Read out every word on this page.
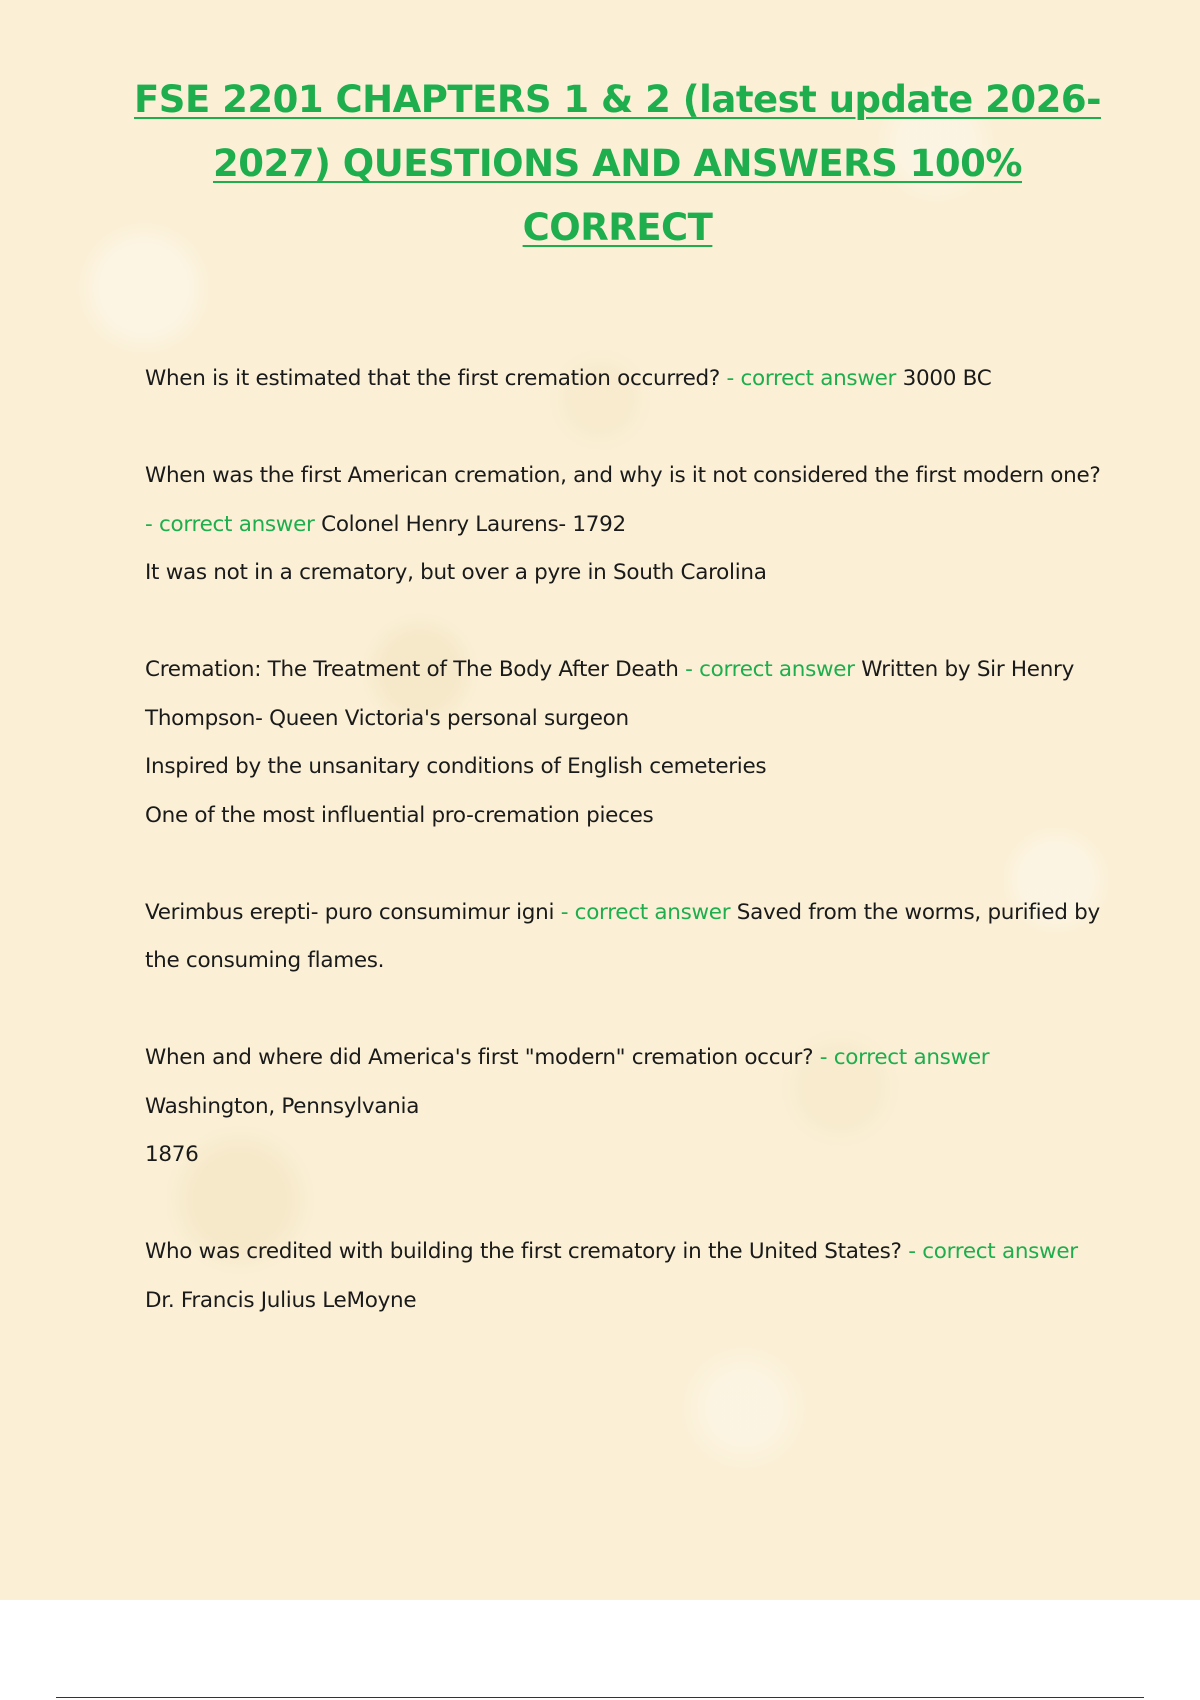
FSE 2201 CHAPTERS 1 & 2 (latest update 2026-2027) QUESTIONS AND ANSWERS 100% CORRECT

When is it estimated that the first cremation occurred? - correct answer 3000 BC

When was the first American cremation, and why is it not considered the first modern one? - correct answer Colonel Henry Laurens- 1792
It was not in a crematory, but over a pyre in South Carolina

Cremation: The Treatment of The Body After Death - correct answer Written by Sir Henry Thompson- Queen Victoria's personal surgeon
Inspired by the unsanitary conditions of English cemeteries
One of the most influential pro-cremation pieces

Verimbus erepti- puro consumimur igni - correct answer Saved from the worms, purified by the consuming flames.

When and where did America's first "modern" cremation occur? - correct answer
Washington, Pennsylvania
1876

Who was credited with building the first crematory in the United States? - correct answer Dr. Francis Julius LeMoyne
